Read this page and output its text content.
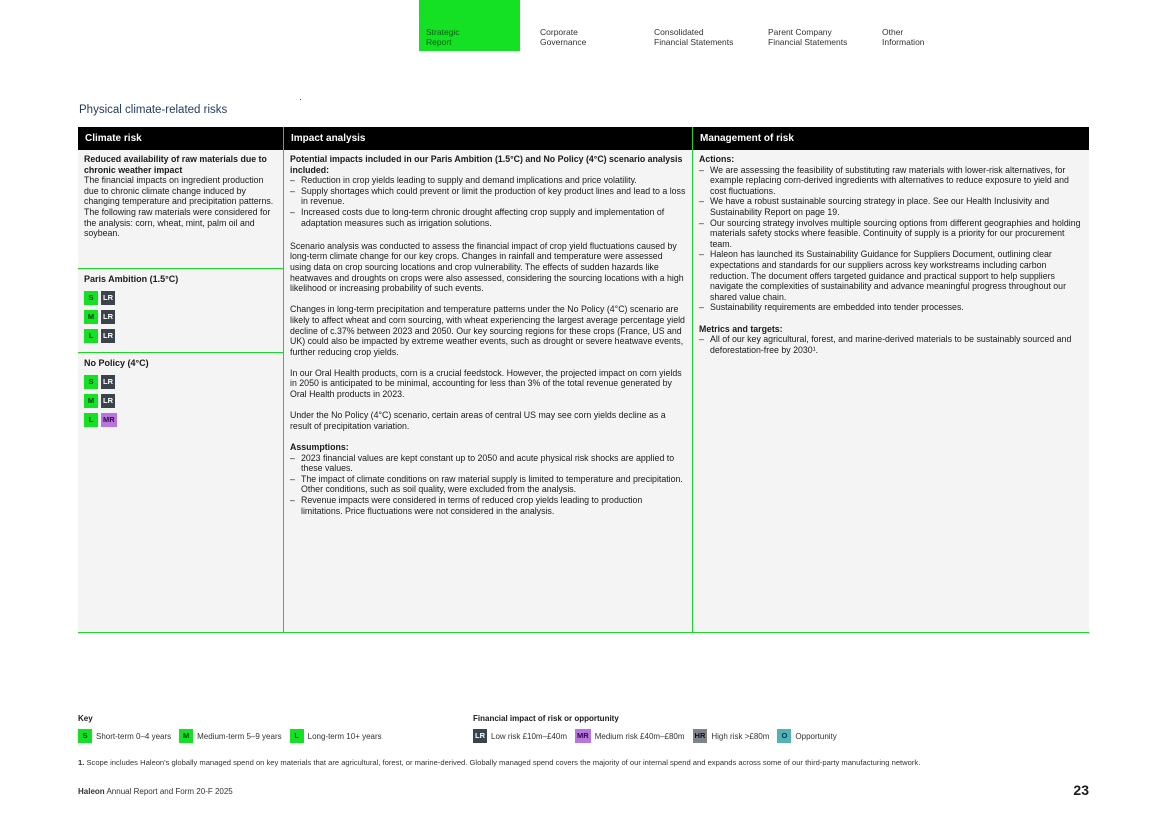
Strategic
Report
Corporate
Governance
Consolidated
Financial Statements
Parent Company
Financial Statements
Other
Information
Physical climate-related risks
Climate risk
Reduced availability of raw materials due to chronic weather impact
The financial impacts on ingredient production due to chronic climate change induced by changing temperature and precipitation patterns. The following raw materials were considered for the analysis: corn, wheat, mint, palm oil and soybean.
Paris Ambition (1.5°C)
S	LR
M	LR
L	LR
No Policy (4°C)
S	LR
M	LR
L	MR
Impact analysis
Potential impacts included in our Paris Ambition (1.5°C) and No Policy (4°C) scenario analysis included:
– Reduction in crop yields leading to supply and demand implications and price volatility.
– Supply shortages which could prevent or limit the production of key product lines and lead to a loss in revenue.
– Increased costs due to long-term chronic drought affecting crop supply and implementation of adaptation measures such as irrigation solutions.
Scenario analysis was conducted to assess the financial impact of crop yield fluctuations caused by long-term climate change for our key crops. Changes in rainfall and temperature were assessed using data on crop sourcing locations and crop vulnerability. The effects of sudden hazards like heatwaves and droughts on crops were also assessed, considering the sourcing locations with a high likelihood or increasing probability of such events.
Changes in long-term precipitation and temperature patterns under the No Policy (4°C) scenario are likely to affect wheat and corn sourcing, with wheat experiencing the largest average percentage yield decline of c.37% between 2023 and 2050. Our key sourcing regions for these crops (France, US and UK) could also be impacted by extreme weather events, such as drought or severe heatwave events, further reducing crop yields.
In our Oral Health products, corn is a crucial feedstock. However, the projected impact on corn yields in 2050 is anticipated to be minimal, accounting for less than 3% of the total revenue generated by Oral Health products in 2023.
Under the No Policy (4°C) scenario, certain areas of central US may see corn yields decline as a result of precipitation variation.
Assumptions:
– 2023 financial values are kept constant up to 2050 and acute physical risk shocks are applied to these values.
– The impact of climate conditions on raw material supply is limited to temperature and precipitation. Other conditions, such as soil quality, were excluded from the analysis.
– Revenue impacts were considered in terms of reduced crop yields leading to production limitations. Price fluctuations were not considered in the analysis.
Management of risk
Actions:
– We are assessing the feasibility of substituting raw materials with lower-risk alternatives, for example replacing corn-derived ingredients with alternatives to reduce exposure to yield and cost fluctuations.
– We have a robust sustainable sourcing strategy in place. See our Health Inclusivity and Sustainability Report on page 19.
– Our sourcing strategy involves multiple sourcing options from different geographies and holding materials safety stocks where feasible. Continuity of supply is a priority for our procurement team.
– Haleon has launched its Sustainability Guidance for Suppliers Document, outlining clear expectations and standards for our suppliers across key workstreams including carbon reduction. The document offers targeted guidance and practical support to help suppliers navigate the complexities of sustainability and advance meaningful progress throughout our shared value chain.
– Sustainability requirements are embedded into tender processes.
Metrics and targets:
– All of our key agricultural, forest, and marine-derived materials to be sustainably sourced and deforestation-free by 2030¹.
Key
S	Short-term 0–4 years	M Medium-term 5–9 years	L	Long-term 10+ years
Financial impact of risk or opportunity
LR Low risk £10m–£40m MR Medium risk £40m–£80m HR High risk >£80m	O	Opportunity
1. Scope includes Haleon's globally managed spend on key materials that are agricultural, forest, or marine-derived. Globally managed spend covers the majority of our internal spend and expands across some of our third-party manufacturing network.
Haleon Annual Report and Form 20-F 2025	23
